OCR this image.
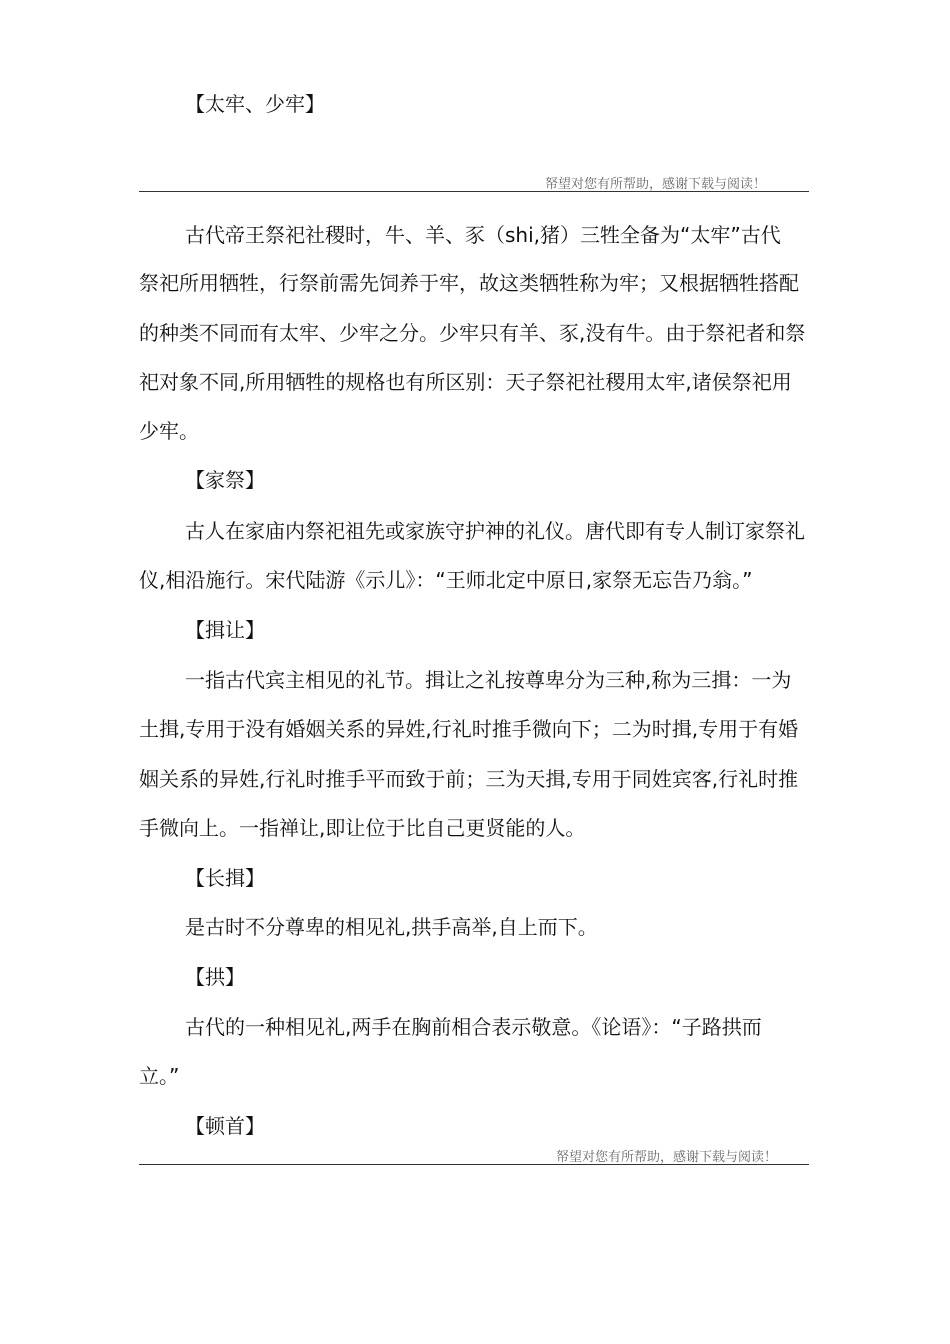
【太牢、少牢】
帑望对您有所帮助，感谢下载与阅读！
古代帝王祭祀社稷时，牛、羊、豕（shi,猪）三牲全备为“太牢”古代
祭祀所用牺牲，行祭前需先饲养于牢，故这类牺牲称为牢；又根据牺牲搭配
的种类不同而有太牢、少牢之分。少牢只有羊、豕,没有牛。由于祭祀者和祭
祀对象不同,所用牺牲的规格也有所区别：天子祭祀社稷用太牢,诸侯祭祀用
少牢。
【家祭】
古人在家庙内祭祀祖先或家族守护神的礼仪。唐代即有专人制订家祭礼
仪,相沿施行。宋代陆游《示儿》：“王师北定中原日,家祭无忘告乃翁。”
【揖让】
一指古代宾主相见的礼节。揖让之礼按尊卑分为三种,称为三揖：一为
土揖,专用于没有婚姻关系的异姓,行礼时推手微向下；二为时揖,专用于有婚
姻关系的异姓,行礼时推手平而致于前；三为天揖,专用于同姓宾客,行礼时推
手微向上。一指禅让,即让位于比自己更贤能的人。
【长揖】
是古时不分尊卑的相见礼,拱手高举,自上而下。
【拱】
古代的一种相见礼,两手在胸前相合表示敬意。《论语》：“子路拱而
立。”
【顿首】
帑望对您有所帮助，感谢下载与阅读！
